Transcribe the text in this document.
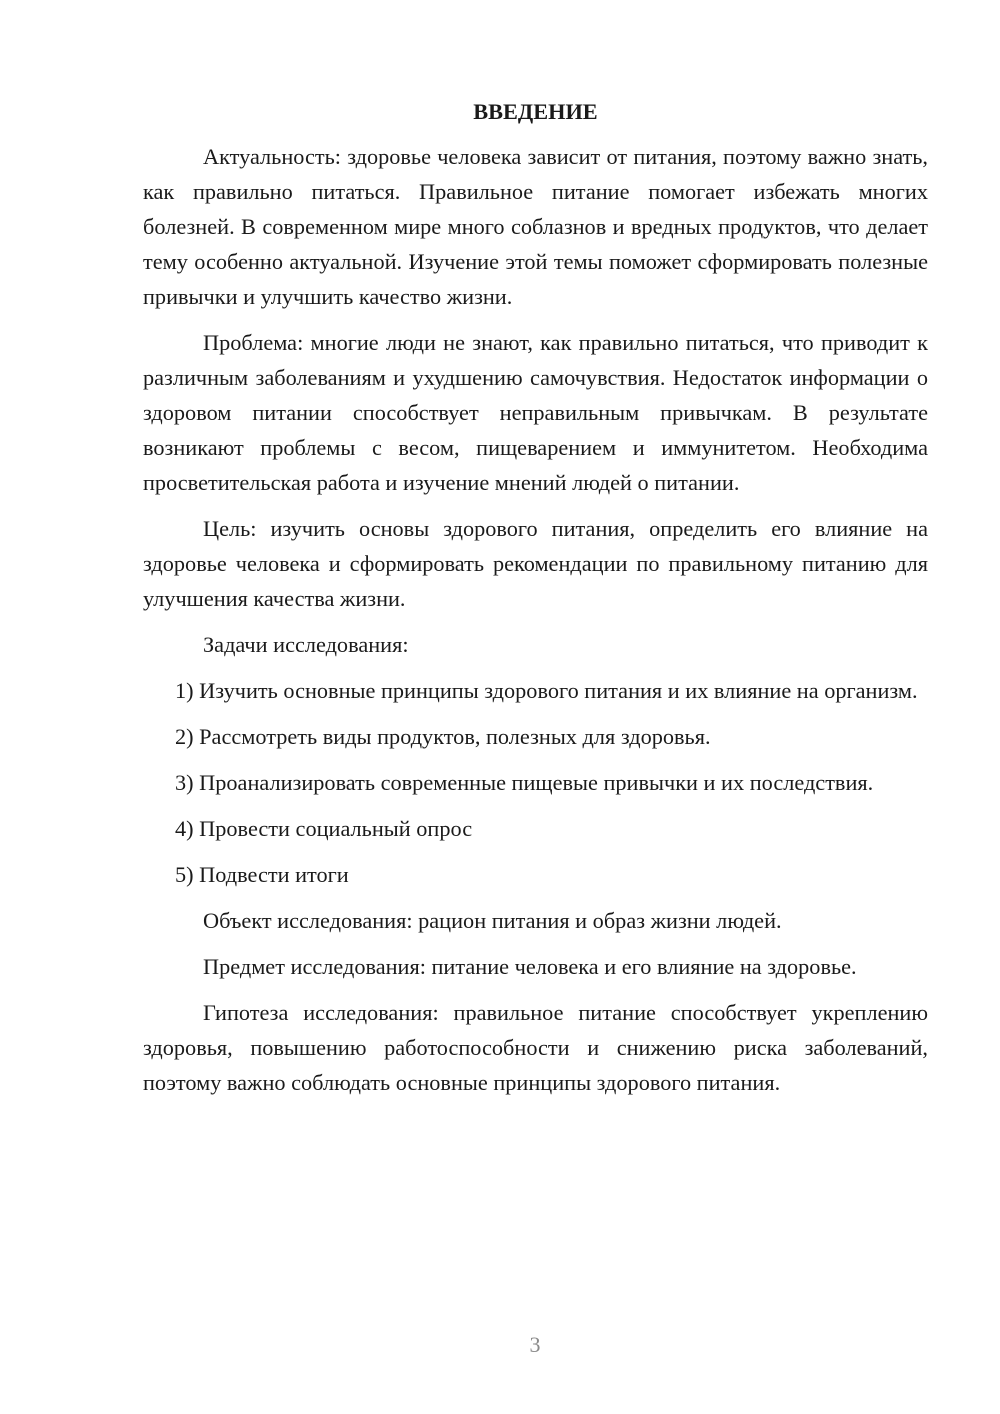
ВВЕДЕНИЕ

Актуальность: здоровье человека зависит от питания, поэтому важно знать, как правильно питаться. Правильное питание помогает избежать многих болезней. В современном мире много соблазнов и вредных продуктов, что делает тему особенно актуальной. Изучение этой темы поможет сформировать полезные привычки и улучшить качество жизни.

Проблема: многие люди не знают, как правильно питаться, что приводит к различным заболеваниям и ухудшению самочувствия. Недостаток информации о здоровом питании способствует неправильным привычкам. В результате возникают проблемы с весом, пищеварением и иммунитетом. Необходима просветительская работа и изучение мнений людей о питании.

Цель: изучить основы здорового питания, определить его влияние на здоровье человека и сформировать рекомендации по правильному питанию для улучшения качества жизни.

Задачи исследования:

1) Изучить основные принципы здорового питания и их влияние на организм.

2) Рассмотреть виды продуктов, полезных для здоровья.

3) Проанализировать современные пищевые привычки и их последствия.

4) Провести социальный опрос

5) Подвести итоги

Объект исследования: рацион питания и образ жизни людей.

Предмет исследования: питание человека и его влияние на здоровье.

Гипотеза исследования: правильное питание способствует укреплению здоровья, повышению работоспособности и снижению риска заболеваний, поэтому важно соблюдать основные принципы здорового питания.

3
